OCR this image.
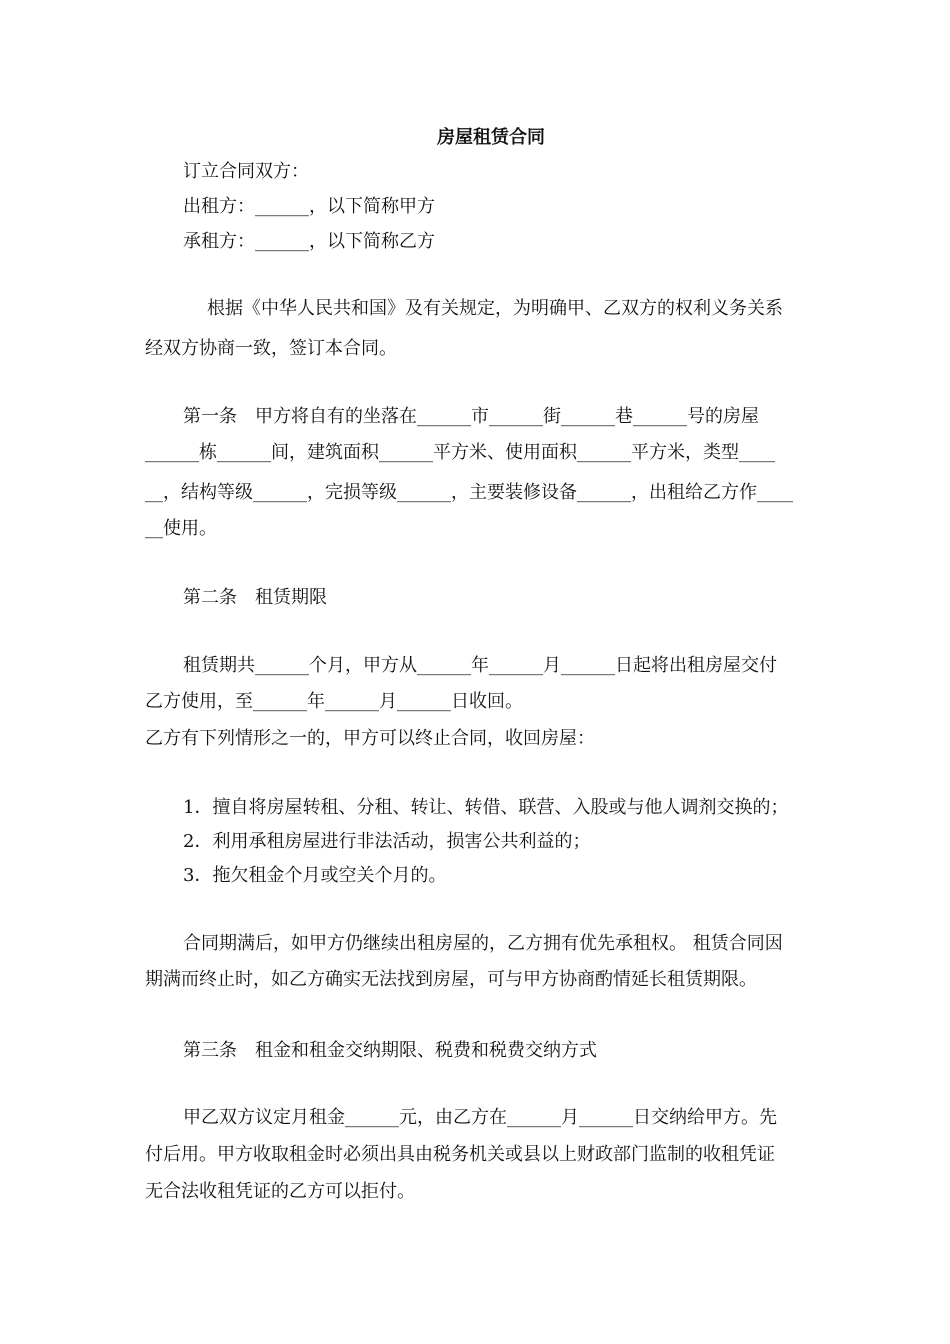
房屋租赁合同
订立合同双方：
出租方：______，以下简称甲方
承租方：______，以下简称乙方
根据《中华人民共和国》及有关规定，为明确甲、乙双方的权利义务关系
经双方协商一致，签订本合同。
第一条　甲方将自有的坐落在______市______街______巷______号的房屋
______栋______间，建筑面积______平方米、使用面积______平方米，类型____
__，结构等级______，完损等级______，主要装修设备______，出租给乙方作____
__使用。
第二条　租赁期限
租赁期共______个月，甲方从______年______月______日起将出租房屋交付
乙方使用，至______年______月______日收回。
乙方有下列情形之一的，甲方可以终止合同，收回房屋：
1．擅自将房屋转租、分租、转让、转借、联营、入股或与他人调剂交换的；
2．利用承租房屋进行非法活动，损害公共利益的；
3．拖欠租金个月或空关个月的。
合同期满后，如甲方仍继续出租房屋的，乙方拥有优先承租权。 租赁合同因
期满而终止时，如乙方确实无法找到房屋，可与甲方协商酌情延长租赁期限。
第三条　租金和租金交纳期限、税费和税费交纳方式
甲乙双方议定月租金______元，由乙方在______月______日交纳给甲方。先
付后用。甲方收取租金时必须出具由税务机关或县以上财政部门监制的收租凭证
无合法收租凭证的乙方可以拒付。
